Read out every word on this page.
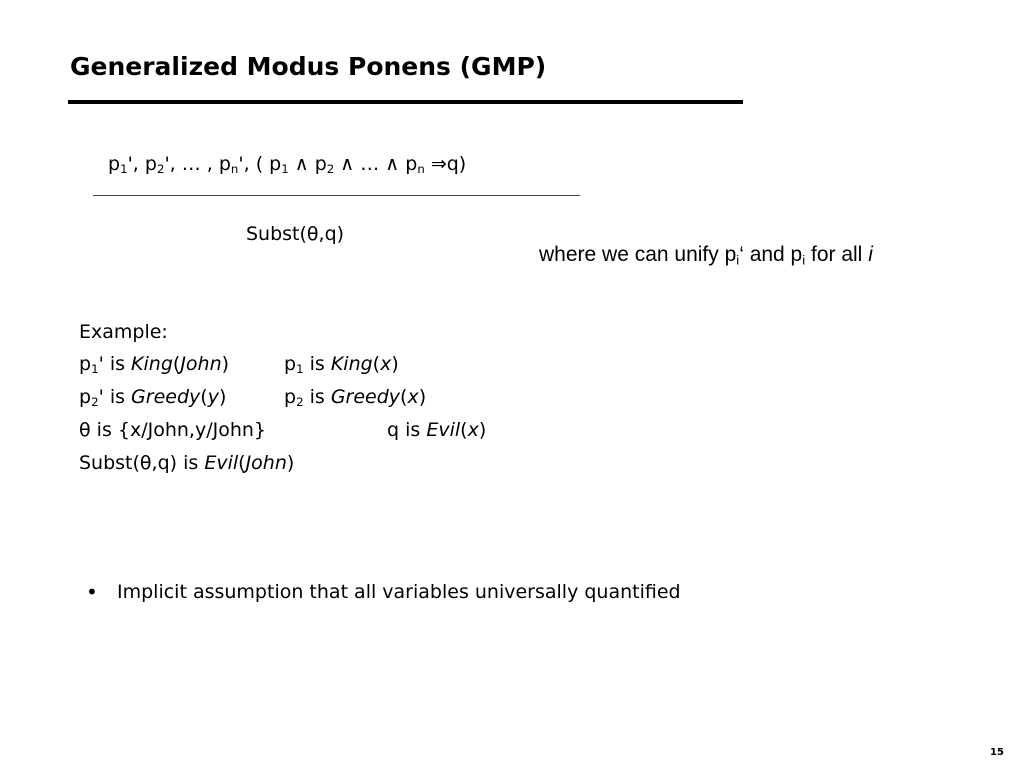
Generalized Modus Ponens (GMP)
$p_1'$, $p_2'$, … , $p_n'$, ( $p_1$ ∧ $p_2$ ∧ … ∧ $p_n$ ⇒q)
Subst(θ,q)
where we can unify $p_i‘$ and $p_i$ for all i
Example:
$p_1'$ is King(John)	$p_1$ is King(x)
$p_2'$ is Greedy(y)	$p_2$ is Greedy(x)
θ is {x/John,y/John}	q is Evil(x)
Subst(θ,q) is Evil(John)
• Implicit assumption that all variables universally quantified
15
